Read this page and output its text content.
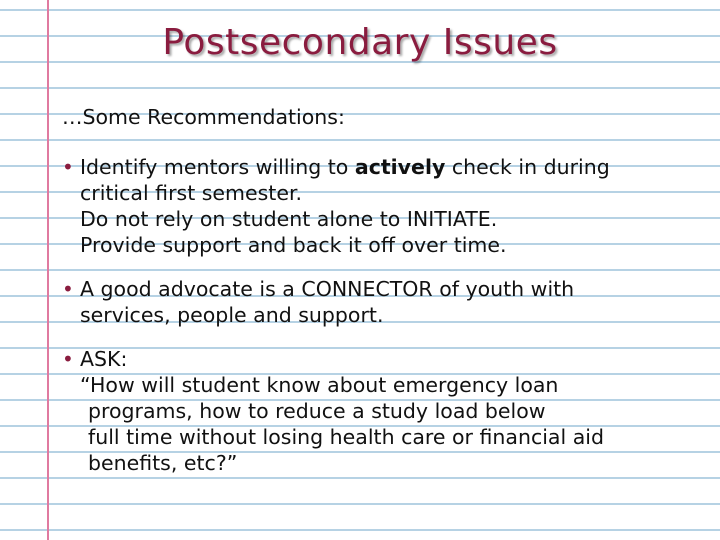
Postsecondary Issues
…Some Recommendations:
• Identify mentors willing to actively check in during
critical first semester.
Do not rely on student alone to INITIATE.
Provide support and back it off over time.
• A good advocate is a CONNECTOR of youth with
services, people and support.
• ASK:
“How will student know about emergency loan
programs, how to reduce a study load below
full time without losing health care or financial aid
benefits, etc?”
